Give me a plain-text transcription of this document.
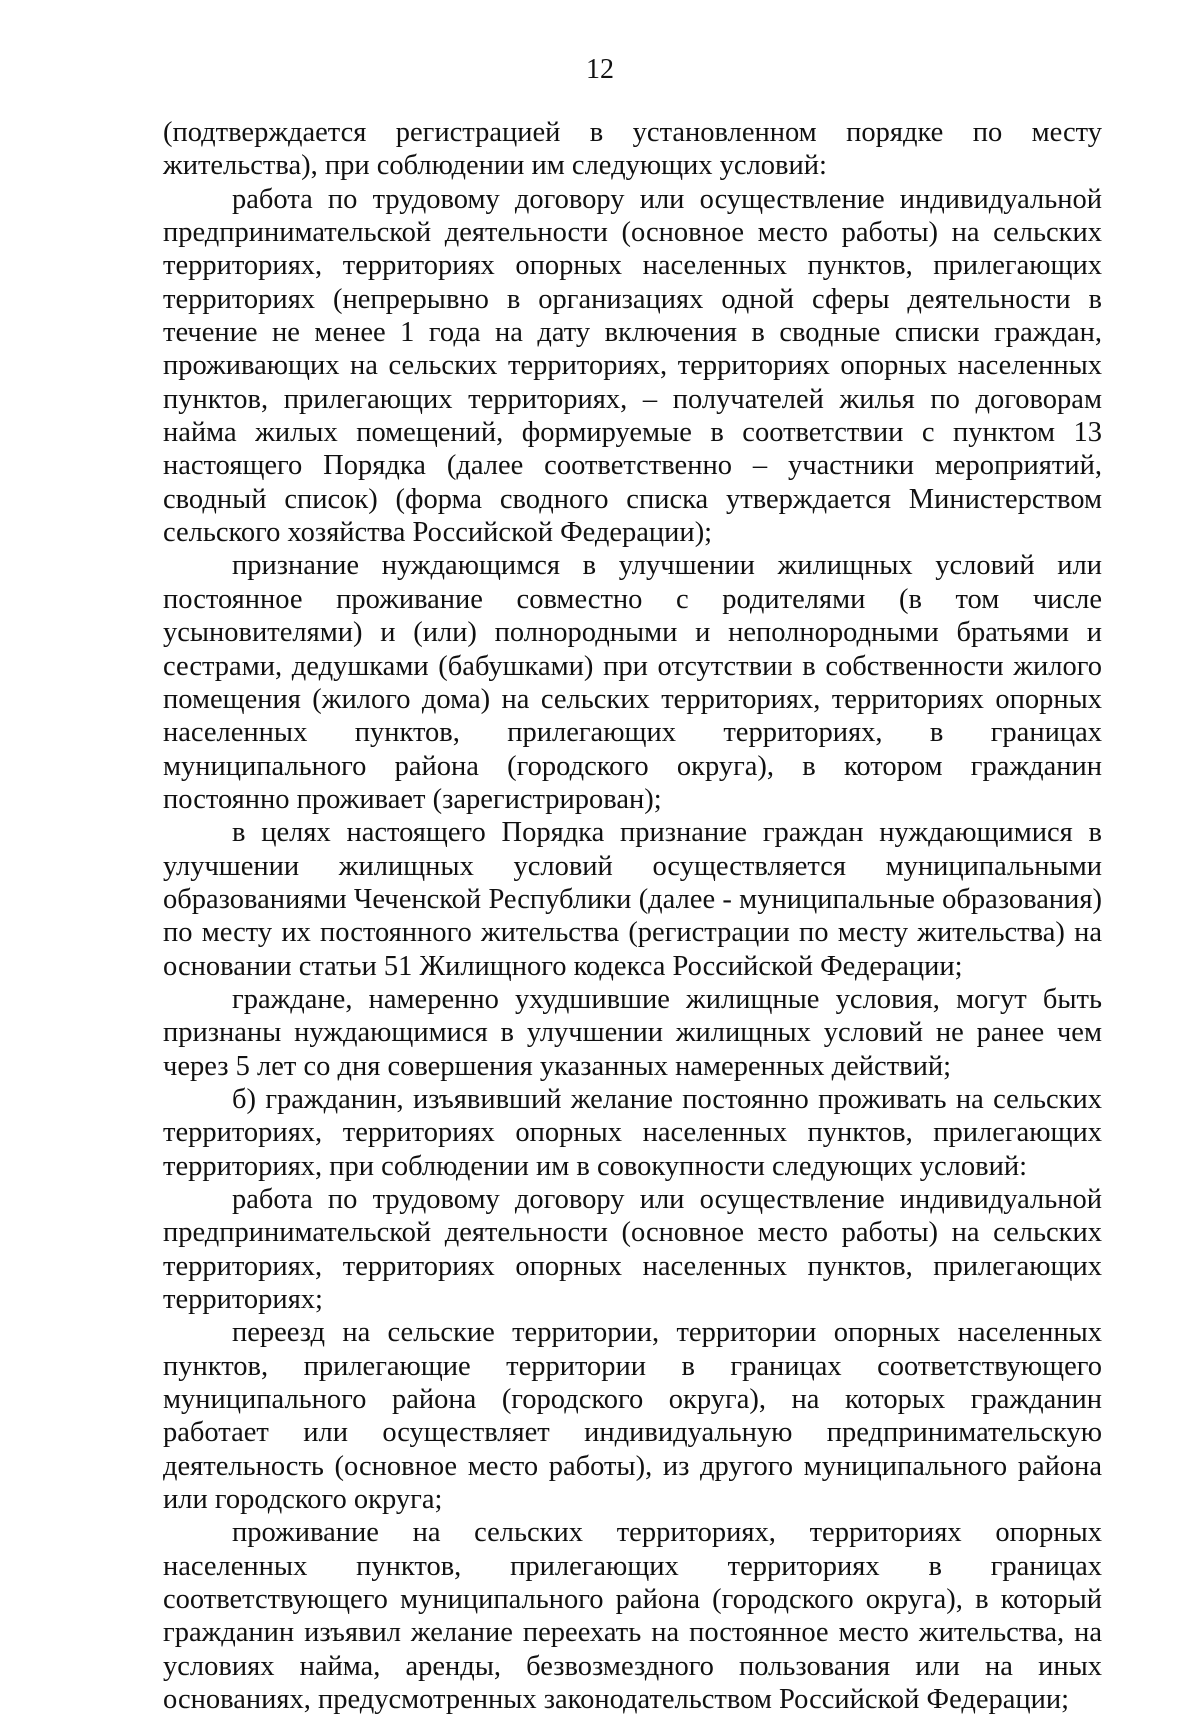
12

(подтверждается регистрацией в установленном порядке по месту жительства), при соблюдении им следующих условий:

работа по трудовому договору или осуществление индивидуальной предпринимательской деятельности (основное место работы) на сельских территориях, территориях опорных населенных пунктов, прилегающих территориях (непрерывно в организациях одной сферы деятельности в течение не менее 1 года на дату включения в сводные списки граждан, проживающих на сельских территориях, территориях опорных населенных пунктов, прилегающих территориях, – получателей жилья по договорам найма жилых помещений, формируемые в соответствии с пунктом 13 настоящего Порядка (далее соответственно – участники мероприятий, сводный список) (форма сводного списка утверждается Министерством сельского хозяйства Российской Федерации);

признание нуждающимся в улучшении жилищных условий или постоянное проживание совместно с родителями (в том числе усыновителями) и (или) полнородными и неполнородными братьями и сестрами, дедушками (бабушками) при отсутствии в собственности жилого помещения (жилого дома) на сельских территориях, территориях опорных населенных пунктов, прилегающих территориях, в границах муниципального района (городского округа), в котором гражданин постоянно проживает (зарегистрирован);

в целях настоящего Порядка признание граждан нуждающимися в улучшении жилищных условий осуществляется муниципальными образованиями Чеченской Республики (далее - муниципальные образования) по месту их постоянного жительства (регистрации по месту жительства) на основании статьи 51 Жилищного кодекса Российской Федерации;

граждане, намеренно ухудшившие жилищные условия, могут быть признаны нуждающимися в улучшении жилищных условий не ранее чем через 5 лет со дня совершения указанных намеренных действий;

б) гражданин, изъявивший желание постоянно проживать на сельских территориях, территориях опорных населенных пунктов, прилегающих территориях, при соблюдении им в совокупности следующих условий:

работа по трудовому договору или осуществление индивидуальной предпринимательской деятельности (основное место работы) на сельских территориях, территориях опорных населенных пунктов, прилегающих территориях;

переезд на сельские территории, территории опорных населенных пунктов, прилегающие территории в границах соответствующего муниципального района (городского округа), на которых гражданин работает или осуществляет индивидуальную предпринимательскую деятельность (основное место работы), из другого муниципального района или городского округа;

проживание на сельских территориях, территориях опорных населенных пунктов, прилегающих территориях в границах соответствующего муниципального района (городского округа), в который гражданин изъявил желание переехать на постоянное место жительства, на условиях найма, аренды, безвозмездного пользования или на иных основаниях, предусмотренных законодательством Российской Федерации;
